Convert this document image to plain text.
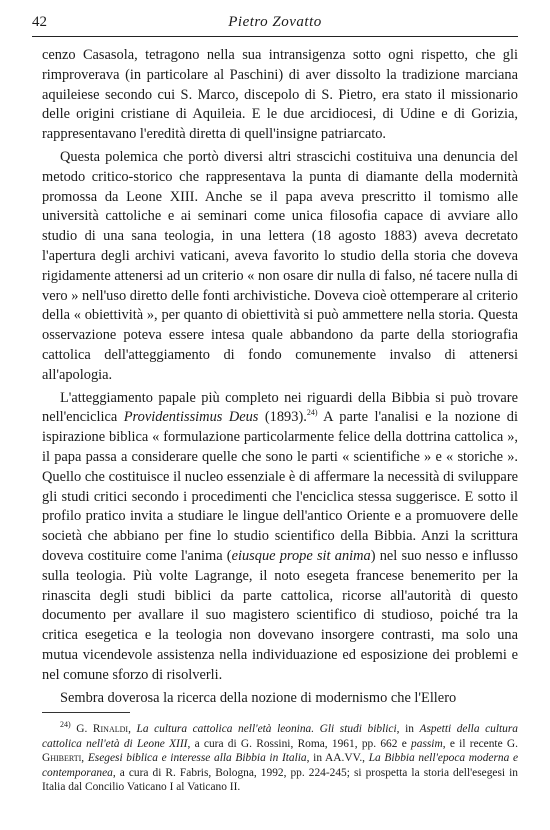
42	Pietro Zovatto

cenzo Casasola, tetragono nella sua intransigenza sotto ogni rispetto, che gli rimproverava (in particolare al Paschini) di aver dissolto la tradizione marciana aquileiese secondo cui S. Marco, discepolo di S. Pietro, era stato il missionario delle origini cristiane di Aquileia. E le due arcidiocesi, di Udine e di Gorizia, rappresentavano l'eredità diretta di quell'insigne patriarcato.

Questa polemica che portò diversi altri strascichi costituiva una denuncia del metodo critico-storico che rappresentava la punta di diamante della modernità promossa da Leone XIII. Anche se il papa aveva prescritto il tomismo alle università cattoliche e ai seminari come unica filosofia capace di avviare allo studio di una sana teologia, in una lettera (18 agosto 1883) aveva decretato l'apertura degli archivi vaticani, aveva favorito lo studio della storia che doveva rigidamente attenersi ad un criterio « non osare dir nulla di falso, né tacere nulla di vero » nell'uso diretto delle fonti archivistiche. Doveva cioè ottemperare al criterio della « obiettività », per quanto di obiettività si può ammettere nella storia. Questa osservazione poteva essere intesa quale abbandono da parte della storiografia cattolica dell'atteggiamento di fondo comunemente invalso di attenersi all'apologia.

L'atteggiamento papale più completo nei riguardi della Bibbia si può trovare nell'enciclica Providentissimus Deus (1893).$^{24)}$ A parte l'analisi e la nozione di ispirazione biblica « formulazione particolarmente felice della dottrina cattolica », il papa passa a considerare quelle che sono le parti « scientifiche » e « storiche ». Quello che costituisce il nucleo essenziale è di affermare la necessità di sviluppare gli studi critici secondo i procedimenti che l'enciclica stessa suggerisce. E sotto il profilo pratico invita a studiare le lingue dell'antico Oriente e a promuovere delle società che abbiano per fine lo studio scientifico della Bibbia. Anzi la scrittura doveva costituire come l'anima (eiusque prope sit anima) nel suo nesso e influsso sulla teologia. Più volte Lagrange, il noto esegeta francese benemerito per la rinascita degli studi biblici da parte cattolica, ricorse all'autorità di questo documento per avallare il suo magistero scientifico di studioso, poiché tra la critica esegetica e la teologia non dovevano insorgere contrasti, ma solo una mutua vicendevole assistenza nella individuazione ed esposizione dei problemi e nel comune sforzo di risolverli.

Sembra doverosa la ricerca della nozione di modernismo che l'Ellero

$^{24)}$ G. Rinaldi, La cultura cattolica nell'età leonina. Gli studi biblici, in Aspetti della cultura cattolica nell'età di Leone XIII, a cura di G. Rossini, Roma, 1961, pp. 662 e passim, e il recente G. Ghiberti, Esegesi biblica e interesse alla Bibbia in Italia, in AA.VV., La Bibbia nell'epoca moderna e contemporanea, a cura di R. Fabris, Bologna, 1992, pp. 224-245; si prospetta la storia dell'esegesi in Italia dal Concilio Vaticano I al Vaticano II.
